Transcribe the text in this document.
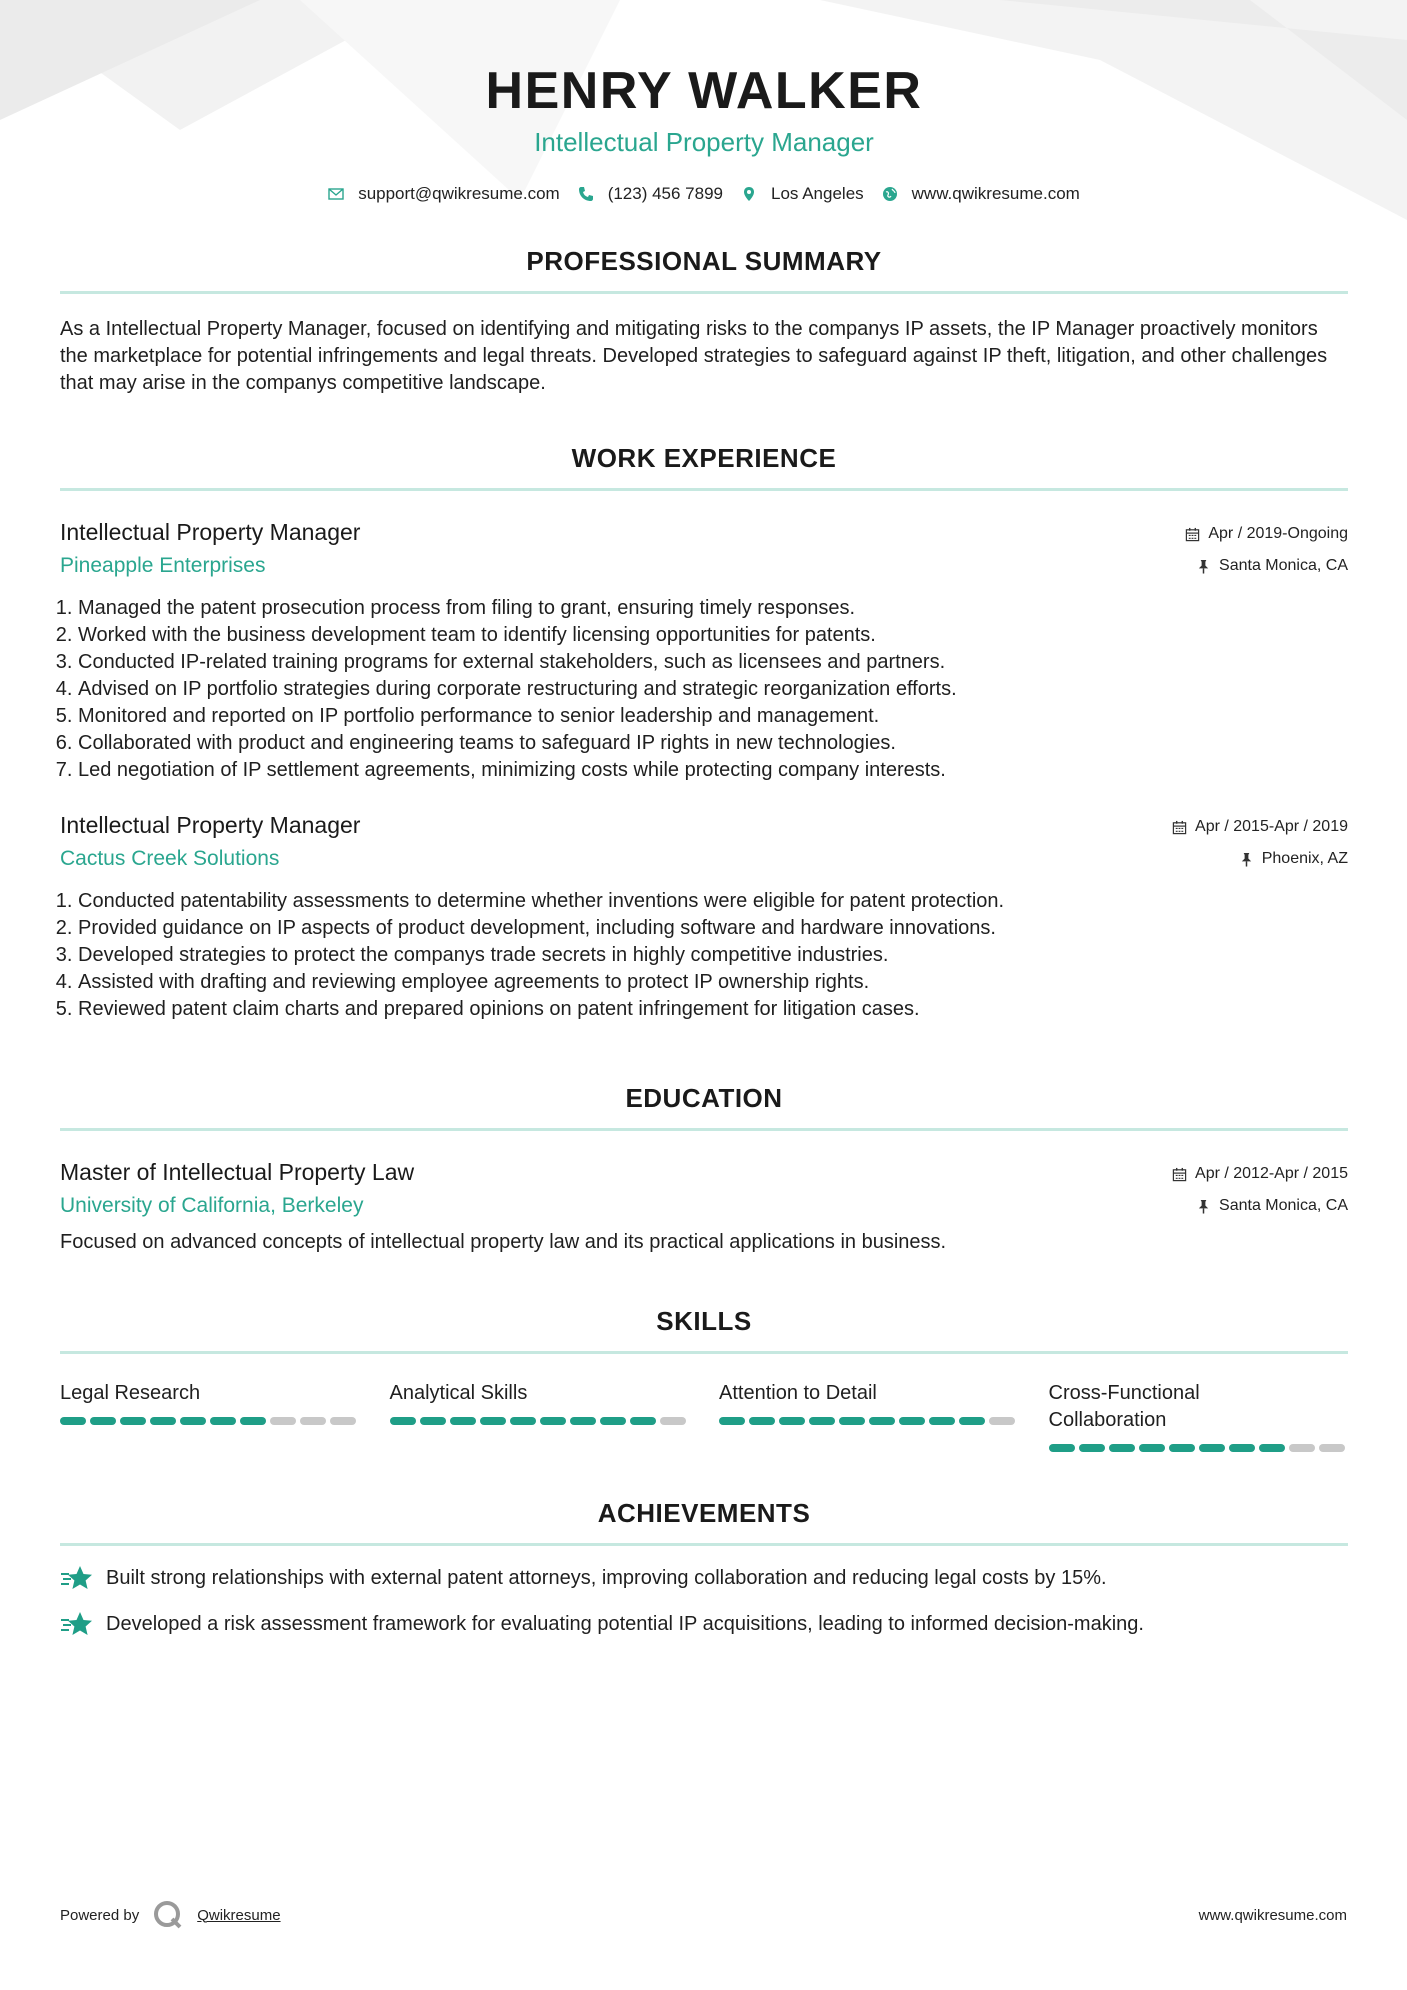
HENRY WALKER
Intellectual Property Manager
support@qwikresume.com	(123) 456 7899	Los Angeles	www.qwikresume.com
PROFESSIONAL SUMMARY
As a Intellectual Property Manager, focused on identifying and mitigating risks to the companys IP assets, the IP Manager proactively monitors the marketplace for potential infringements and legal threats. Developed strategies to safeguard against IP theft, litigation, and other challenges that may arise in the companys competitive landscape.
WORK EXPERIENCE
Intellectual Property Manager
Pineapple Enterprises
Apr / 2019-Ongoing
Santa Monica, CA
1. Managed the patent prosecution process from filing to grant, ensuring timely responses.
2. Worked with the business development team to identify licensing opportunities for patents.
3. Conducted IP-related training programs for external stakeholders, such as licensees and partners.
4. Advised on IP portfolio strategies during corporate restructuring and strategic reorganization efforts.
5. Monitored and reported on IP portfolio performance to senior leadership and management.
6. Collaborated with product and engineering teams to safeguard IP rights in new technologies.
7. Led negotiation of IP settlement agreements, minimizing costs while protecting company interests.
Intellectual Property Manager
Cactus Creek Solutions
Apr / 2015-Apr / 2019
Phoenix, AZ
1. Conducted patentability assessments to determine whether inventions were eligible for patent protection.
2. Provided guidance on IP aspects of product development, including software and hardware innovations.
3. Developed strategies to protect the companys trade secrets in highly competitive industries.
4. Assisted with drafting and reviewing employee agreements to protect IP ownership rights.
5. Reviewed patent claim charts and prepared opinions on patent infringement for litigation cases.
EDUCATION
Master of Intellectual Property Law
University of California, Berkeley
Apr / 2012-Apr / 2015
Santa Monica, CA
Focused on advanced concepts of intellectual property law and its practical applications in business.
SKILLS
Legal Research	Analytical Skills	Attention to Detail	Cross-Functional Collaboration
ACHIEVEMENTS
Built strong relationships with external patent attorneys, improving collaboration and reducing legal costs by 15%.
Developed a risk assessment framework for evaluating potential IP acquisitions, leading to informed decision-making.
Powered by	Qwikresume	www.qwikresume.com
